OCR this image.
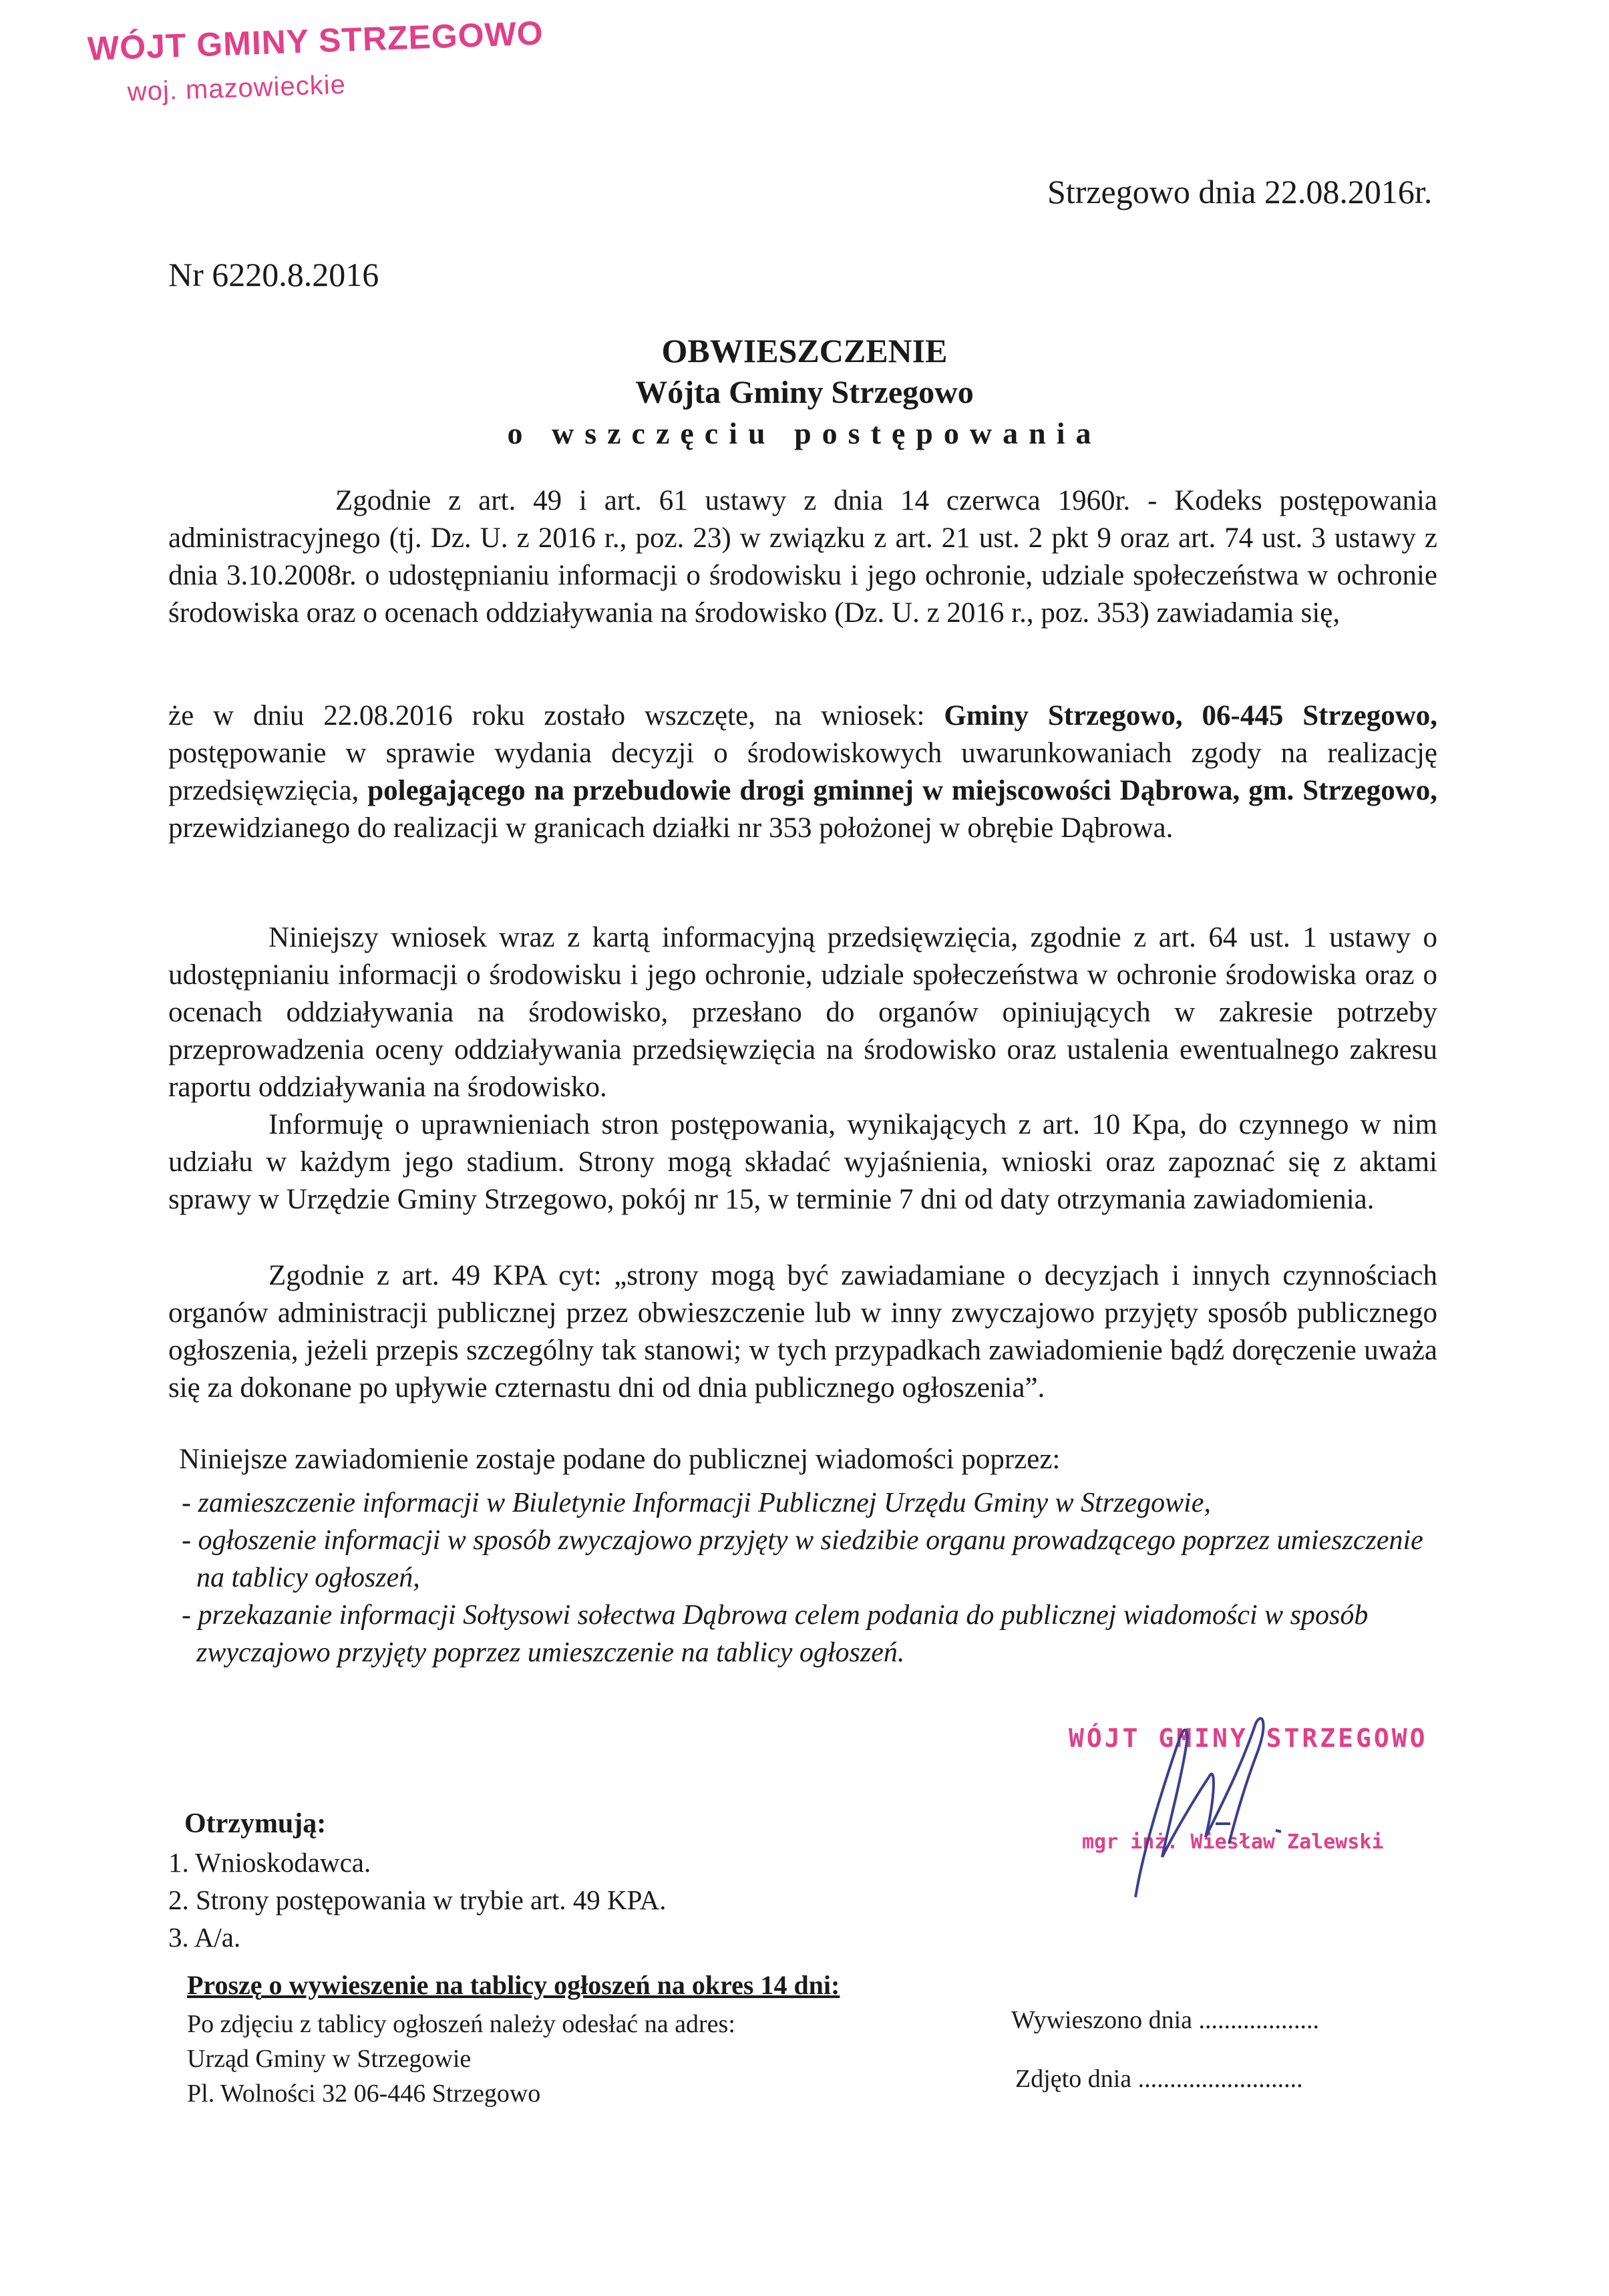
WÓJT GMINY STRZEGOWO
woj. mazowieckie
Strzegowo dnia 22.08.2016r.
Nr 6220.8.2016
OBWIESZCZENIE
Wójta Gminy Strzegowo
o wszczęciu postępowania
Zgodnie z art. 49 i art. 61 ustawy z dnia 14 czerwca 1960r. - Kodeks postępowania administracyjnego (tj. Dz. U. z 2016 r., poz. 23) w związku z art. 21 ust. 2 pkt 9 oraz art. 74 ust. 3 ustawy z dnia 3.10.2008r. o udostępnianiu informacji o środowisku i jego ochronie, udziale społeczeństwa w ochronie środowiska oraz o ocenach oddziaływania na środowisko (Dz. U. z 2016 r., poz. 353) zawiadamia się,
że w dniu 22.08.2016 roku zostało wszczęte, na wniosek: Gminy Strzegowo, 06-445 Strzegowo, postępowanie w sprawie wydania decyzji o środowiskowych uwarunkowaniach zgody na realizację przedsięwzięcia, polegającego na przebudowie drogi gminnej w miejscowości Dąbrowa, gm. Strzegowo, przewidzianego do realizacji w granicach działki nr 353 położonej w obrębie Dąbrowa.
Niniejszy wniosek wraz z kartą informacyjną przedsięwzięcia, zgodnie z art. 64 ust. 1 ustawy o udostępnianiu informacji o środowisku i jego ochronie, udziale społeczeństwa w ochronie środowiska oraz o ocenach oddziaływania na środowisko, przesłano do organów opiniujących w zakresie potrzeby przeprowadzenia oceny oddziaływania przedsięwzięcia na środowisko oraz ustalenia ewentualnego zakresu raportu oddziaływania na środowisko.
Informuję o uprawnieniach stron postępowania, wynikających z art. 10 Kpa, do czynnego w nim udziału w każdym jego stadium. Strony mogą składać wyjaśnienia, wnioski oraz zapoznać się z aktami sprawy w Urzędzie Gminy Strzegowo, pokój nr 15, w terminie 7 dni od daty otrzymania zawiadomienia.
Zgodnie z art. 49 KPA cyt: „strony mogą być zawiadamiane o decyzjach i innych czynnościach organów administracji publicznej przez obwieszczenie lub w inny zwyczajowo przyjęty sposób publicznego ogłoszenia, jeżeli przepis szczególny tak stanowi; w tych przypadkach zawiadomienie bądź doręczenie uważa się za dokonane po upływie czternastu dni od dnia publicznego ogłoszenia”.
Niniejsze zawiadomienie zostaje podane do publicznej wiadomości poprzez:
- zamieszczenie informacji w Biuletynie Informacji Publicznej Urzędu Gminy w Strzegowie,
- ogłoszenie informacji w sposób zwyczajowo przyjęty w siedzibie organu prowadzącego poprzez umieszczenie na tablicy ogłoszeń,
- przekazanie informacji Sołtysowi sołectwa Dąbrowa celem podania do publicznej wiadomości w sposób zwyczajowo przyjęty poprzez umieszczenie na tablicy ogłoszeń.
WÓJT GMINY STRZEGOWO
mgr inż. Wiesław Zalewski
Otrzymują:
1. Wnioskodawca.
2. Strony postępowania w trybie art. 49 KPA.
3. A/a.
Proszę o wywieszenie na tablicy ogłoszeń na okres 14 dni:
Po zdjęciu z tablicy ogłoszeń należy odesłać na adres:
Urząd Gminy w Strzegowie
Pl. Wolności 32 06-446 Strzegowo
Wywieszono dnia ...................
Zdjęto dnia ..........................
